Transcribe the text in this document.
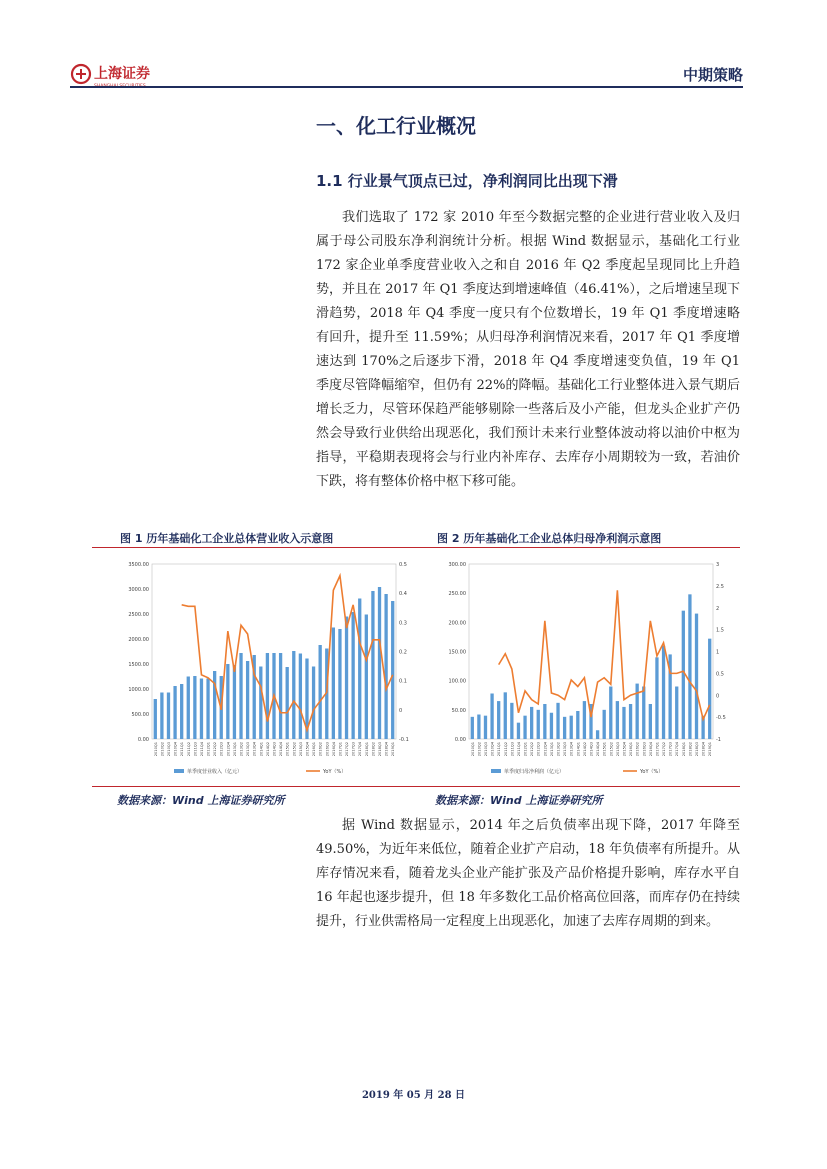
上海证券	中期策略
一、化工行业概况
1.1 行业景气顶点已过，净利润同比出现下滑
我们选取了 172 家 2010 年至今数据完整的企业进行营业收入及归属于母公司股东净利润统计分析。根据 Wind 数据显示，基础化工行业 172 家企业单季度营业收入之和自 2016 年 Q2 季度起呈现同比上升趋势，并且在 2017 年 Q1 季度达到增速峰值（46.41%），之后增速呈现下滑趋势，2018 年 Q4 季度一度只有个位数增长，19 年 Q1 季度增速略有回升，提升至 11.59%；从归母净利润情况来看，2017 年 Q1 季度增速达到 170%之后逐步下滑，2018 年 Q4 季度增速变负值，19 年 Q1 季度尽管降幅缩窄，但仍有 22%的降幅。基础化工行业整体进入景气期后增长乏力，尽管环保趋严能够剔除一些落后及小产能，但龙头企业扩产仍然会导致行业供给出现恶化，我们预计未来行业整体波动将以油价中枢为指导，平稳期表现将会与行业内补库存、去库存小周期较为一致，若油价下跌，将有整体价格中枢下移可能。
图 1 历年基础化工企业总体营业收入示意图	图 2 历年基础化工企业总体归母净利润示意图
0.00
500.00
1000.00
1500.00
2000.00
2500.00
3000.00
3500.00
-0.1
0
0.1
0.2
0.3
0.4
0.5
2010Q1 2010Q2 2010Q3 2010Q4 2011Q1 2011Q2 2011Q3 2011Q4 2012Q1 2012Q2 2012Q3 2012Q4 2013Q1 2013Q2 2013Q3 2013Q4 2014Q1 2014Q2 2014Q3 2014Q4 2015Q1 2015Q2 2015Q3 2015Q4 2016Q1 2016Q2 2016Q3 2016Q4 2017Q1 2017Q2 2017Q3 2017Q4 2018Q1 2018Q2 2018Q3 2018Q4 2019Q1
单季度营业收入（亿元）	YoY（%）
0.00
50.00
100.00
150.00
200.00
250.00
300.00
-1
-0.5
0
0.5
1
1.5
2
2.5
3
2010Q1 2010Q2 2010Q3 2010Q4 2011Q1 2011Q2 2011Q3 2011Q4 2012Q1 2012Q2 2012Q3 2012Q4 2013Q1 2013Q2 2013Q3 2013Q4 2014Q1 2014Q2 2014Q3 2014Q4 2015Q1 2015Q2 2015Q3 2015Q4 2016Q1 2016Q2 2016Q3 2016Q4 2017Q1 2017Q2 2017Q3 2017Q4 2018Q1 2018Q2 2018Q3 2018Q4 2019Q1
单季度归母净利润（亿元）	YoY（%）
数据来源：Wind 上海证券研究所	数据来源：Wind 上海证券研究所
据 Wind 数据显示，2014 年之后负债率出现下降，2017 年降至 49.50%，为近年来低位，随着企业扩产启动，18 年负债率有所提升。从库存情况来看，随着龙头企业产能扩张及产品价格提升影响，库存水平自 16 年起也逐步提升，但 18 年多数化工品价格高位回落，而库存仍在持续提升，行业供需格局一定程度上出现恶化，加速了去库存周期的到来。
2019 年 05 月 28 日
